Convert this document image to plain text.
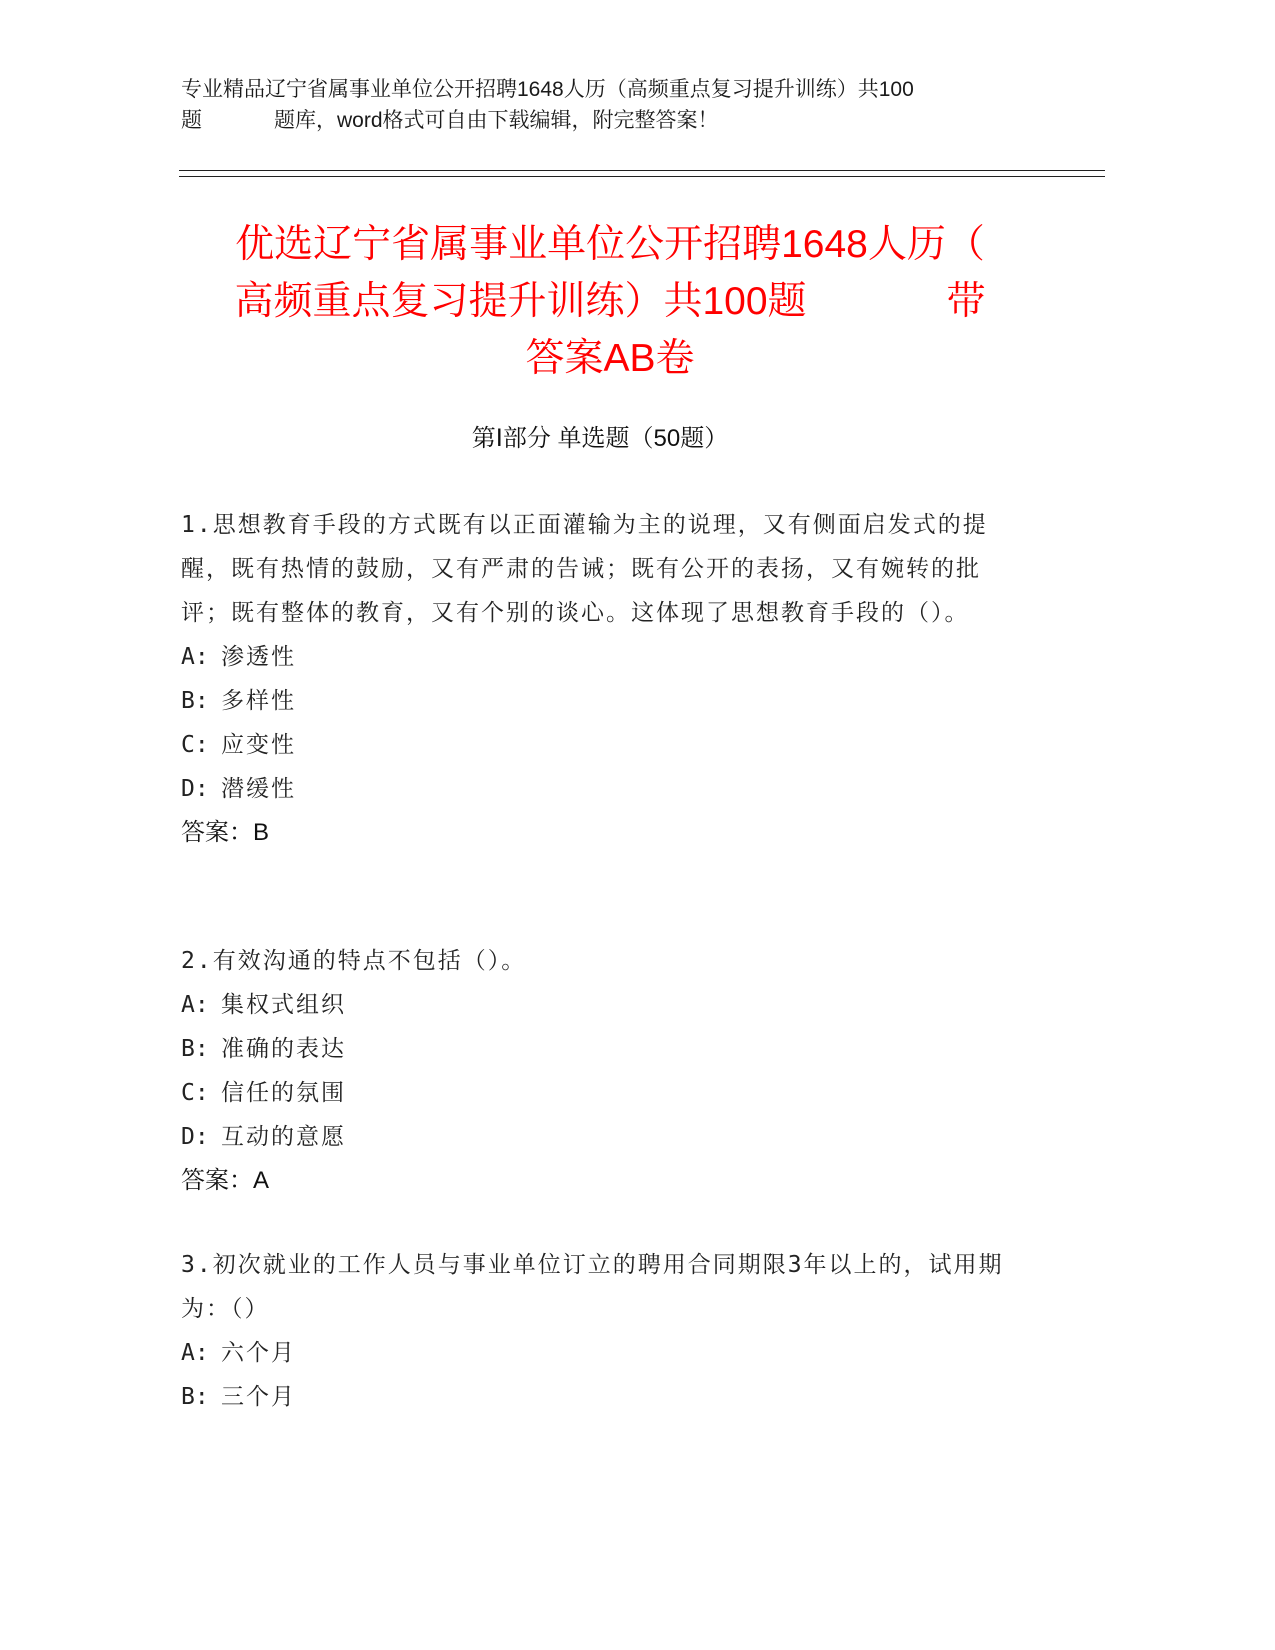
专业精品辽宁省属事业单位公开招聘1648人历（高频重点复习提升训练）共100
题	题库，word格式可自由下载编辑，附完整答案！
优选辽宁省属事业单位公开招聘1648人历（
高频重点复习提升训练）共100题	带
答案AB卷
第Ⅰ部分 单选题（50题）

1.思想教育手段的方式既有以正面灌输为主的说理，又有侧面启发式的提醒，既有热情的鼓励，又有严肃的告诫；既有公开的表扬，又有婉转的批评；既有整体的教育，又有个别的谈心。这体现了思想教育手段的（）。

A: 渗透性
B: 多样性
C: 应变性
D: 潜缓性

答案：B

2.有效沟通的特点不包括（）。

A: 集权式组织
B: 准确的表达
C: 信任的氛围
D: 互动的意愿

答案：A

3.初次就业的工作人员与事业单位订立的聘用合同期限3年以上的，试用期为：（）

A: 六个月
B: 三个月
